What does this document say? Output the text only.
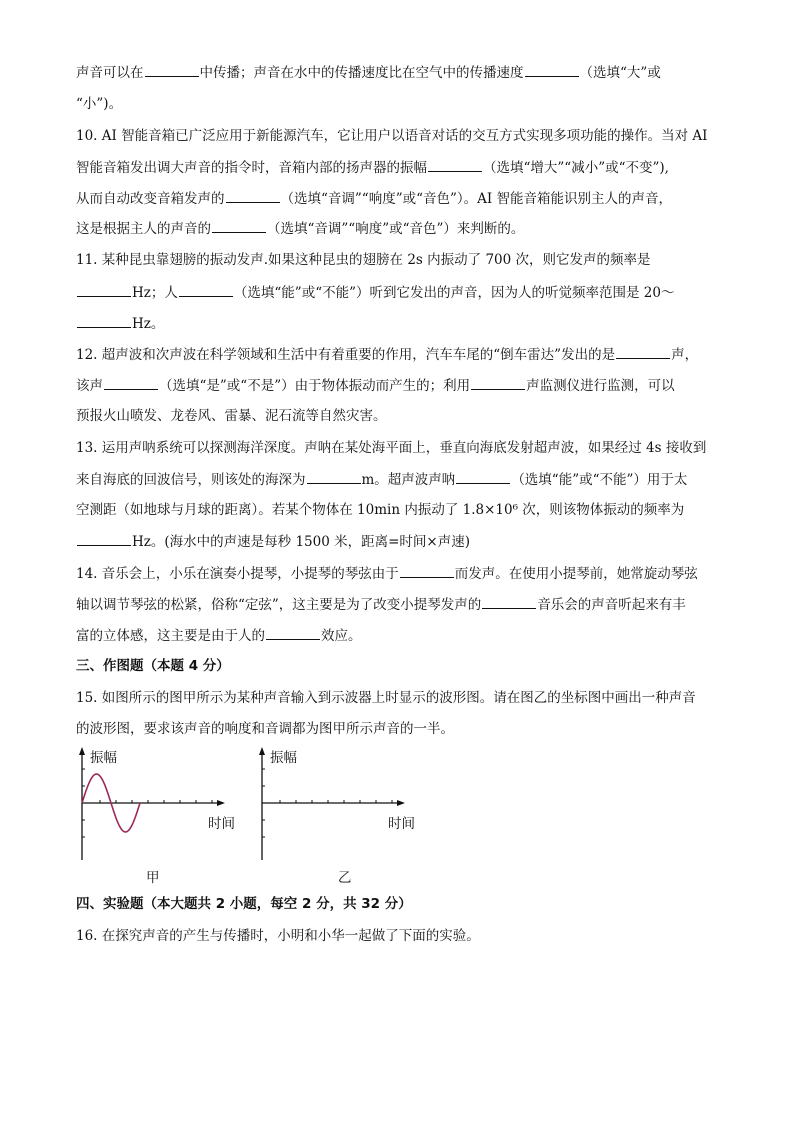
声音可以在	中传播；声音在水中的传播速度比在空气中的传播速度	（选填“大”或
“小”)。
10. AI 智能音箱已广泛应用于新能源汽车，它让用户以语音对话的交互方式实现多项功能的操作。当对 AI
智能音箱发出调大声音的指令时，音箱内部的扬声器的振幅	（选填“增大”“减小”或“不变”),
从而自动改变音箱发声的	（选填“音调”“响度”或“音色”）。AI 智能音箱能识别主人的声音，
这是根据主人的声音的	（选填“音调”“响度”或“音色”）来判断的。
11. 某种昆虫靠翅膀的振动发声.如果这种昆虫的翅膀在 2s 内振动了 700 次，则它发声的频率是
Hz；人	（选填“能”或“不能”）听到它发出的声音，因为人的听觉频率范围是 20～
Hz。
12. 超声波和次声波在科学领域和生活中有着重要的作用，汽车车尾的“倒车雷达”发出的是	声，
该声	（选填“是”或“不是”）由于物体振动而产生的；利用	声监测仪进行监测，可以
预报火山喷发、龙卷风、雷暴、泥石流等自然灾害。
13. 运用声呐系统可以探测海洋深度。声呐在某处海平面上，垂直向海底发射超声波，如果经过 4s 接收到
来自海底的回波信号，则该处的海深为	m。超声波声呐	（选填“能”或“不能”）用于太
空测距（如地球与月球的距离）。若某个物体在 10min 内振动了 1.8×10⁶ 次，则该物体振动的频率为
Hz。(海水中的声速是每秒 1500 米，距离=时间×声速)
14. 音乐会上，小乐在演奏小提琴，小提琴的琴弦由于	而发声。在使用小提琴前，她常旋动琴弦
轴以调节琴弦的松紧，俗称“定弦”，这主要是为了改变小提琴发声的	音乐会的声音听起来有丰
富的立体感，这主要是由于人的	效应。
三、作图题（本题 4 分）
15. 如图所示的图甲所示为某种声音输入到示波器上时显示的波形图。请在图乙的坐标图中画出一种声音
的波形图，要求该声音的响度和音调都为图甲所示声音的一半。
振幅
时间
甲
振幅
时间
乙
四、实验题（本大题共 2 小题，每空 2 分，共 32 分）
16. 在探究声音的产生与传播时，小明和小华一起做了下面的实验。
